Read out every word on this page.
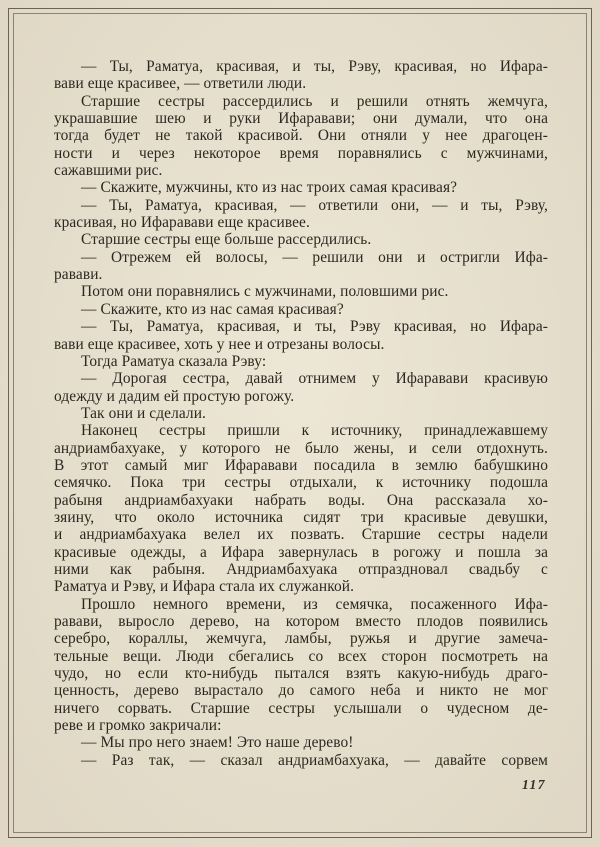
— Ты, Раматуа, красивая, и ты, Рэву, красивая, но Ифара-
вави еще красивее, — ответили люди.
Старшие сестры рассердились и решили отнять жемчуга,
украшавшие шею и руки Ифаравави; они думали, что она
тогда будет не такой красивой. Они отняли у нее драгоцен-
ности и через некоторое время поравнялись с мужчинами,
сажавшими рис.
— Скажите, мужчины, кто из нас троих самая красивая?
— Ты, Раматуа, красивая, — ответили они, — и ты, Рэву,
красивая, но Ифаравави еще красивее.
Старшие сестры еще больше рассердились.
— Отрежем ей волосы, — решили они и остригли Ифа-
равави.
Потом они поравнялись с мужчинами, половшими рис.
— Скажите, кто из нас самая красивая?
— Ты, Раматуа, красивая, и ты, Рэву красивая, но Ифара-
вави еще красивее, хоть у нее и отрезаны волосы.
Тогда Раматуа сказала Рэву:
— Дорогая сестра, давай отнимем у Ифаравави красивую
одежду и дадим ей простую рогожу.
Так они и сделали.
Наконец сестры пришли к источнику, принадлежавшему
андриамбахуаке, у которого не было жены, и сели отдохнуть.
В этот самый миг Ифаравави посадила в землю бабушкино
семячко. Пока три сестры отдыхали, к источнику подошла
рабыня андриамбахуаки набрать воды. Она рассказала хо-
зяину, что около источника сидят три красивые девушки,
и андриамбахуака велел их позвать. Старшие сестры надели
красивые одежды, а Ифара завернулась в рогожу и пошла за
ними как рабыня. Андриамбахуака отпраздновал свадьбу с
Раматуа и Рэву, и Ифара стала их служанкой.
Прошло немного времени, из семячка, посаженного Ифа-
равави, выросло дерево, на котором вместо плодов появились
серебро, кораллы, жемчуга, ламбы, ружья и другие замеча-
тельные вещи. Люди сбегались со всех сторон посмотреть на
чудо, но если кто-нибудь пытался взять какую-нибудь драго-
ценность, дерево вырастало до самого неба и никто не мог
ничего сорвать. Старшие сестры услышали о чудесном де-
реве и громко закричали:
— Мы про него знаем! Это наше дерево!
— Раз так, — сказал андриамбахуака, — давайте сорвем
117
